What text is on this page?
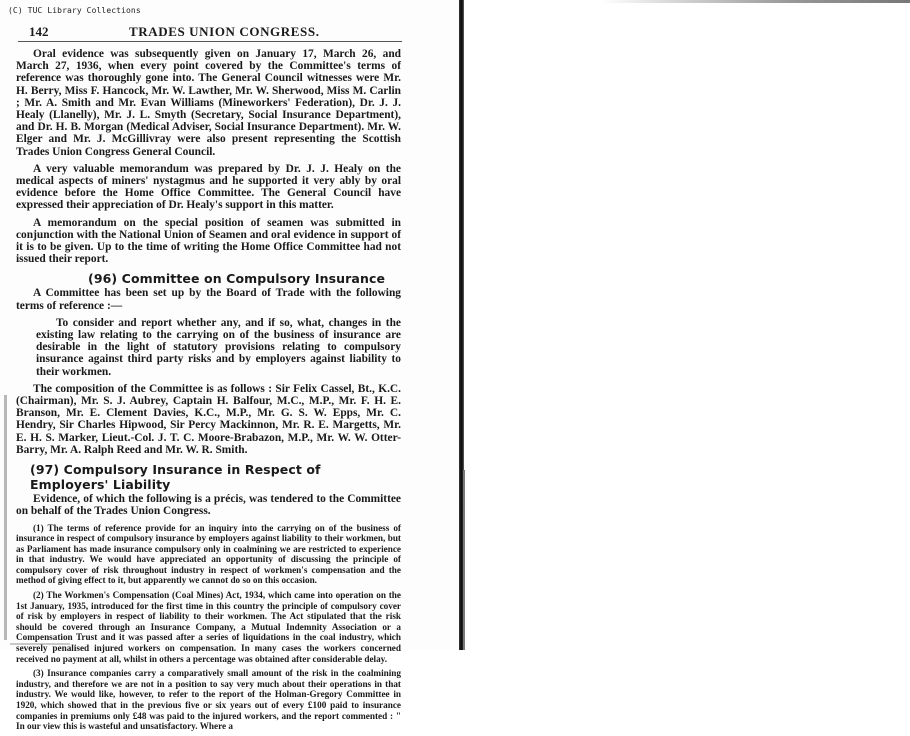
(C) TUC Library Collections
142	TRADES UNION CONGRESS.

Oral evidence was subsequently given on January 17, March 26, and March 27, 1936, when every point covered by the Committee's terms of reference was thoroughly gone into. The General Council witnesses were Mr. H. Berry, Miss F. Hancock, Mr. W. Lawther, Mr. W. Sherwood, Miss M. Carlin ; Mr. A. Smith and Mr. Evan Williams (Mineworkers' Federation), Dr. J. J. Healy (Llanelly), Mr. J. L. Smyth (Secretary, Social Insurance Department), and Dr. H. B. Morgan (Medical Adviser, Social Insurance Department). Mr. W. Elger and Mr. J. McGillivray were also present representing the Scottish Trades Union Congress General Council.

A very valuable memorandum was prepared by Dr. J. J. Healy on the medical aspects of miners' nystagmus and he supported it very ably by oral evidence before the Home Office Committee. The General Council have expressed their appreciation of Dr. Healy's support in this matter.

A memorandum on the special position of seamen was submitted in conjunction with the National Union of Seamen and oral evidence in support of it is to be given. Up to the time of writing the Home Office Committee had not issued their report.

(96) Committee on Compulsory Insurance

A Committee has been set up by the Board of Trade with the following terms of reference :—

To consider and report whether any, and if so, what, changes in the existing law relating to the carrying on of the business of insurance are desirable in the light of statutory provisions relating to compulsory insurance against third party risks and by employers against liability to their workmen.

The composition of the Committee is as follows : Sir Felix Cassel, Bt., K.C. (Chairman), Mr. S. J. Aubrey, Captain H. Balfour, M.C., M.P., Mr. F. H. E. Branson, Mr. E. Clement Davies, K.C., M.P., Mr. G. S. W. Epps, Mr. C. Hendry, Sir Charles Hipwood, Sir Percy Mackinnon, Mr. R. E. Margetts, Mr. E. H. S. Marker, Lieut.-Col. J. T. C. Moore-Brabazon, M.P., Mr. W. W. Otter-Barry, Mr. A. Ralph Reed and Mr. W. R. Smith.

(97) Compulsory Insurance in Respect of Employers' Liability

Evidence, of which the following is a précis, was tendered to the Committee on behalf of the Trades Union Congress.

(1) The terms of reference provide for an inquiry into the carrying on of the business of insurance in respect of compulsory insurance by employers against liability to their workmen, but as Parliament has made insurance compulsory only in coalmining we are restricted to experience in that industry. We would have appreciated an opportunity of discussing the principle of compulsory cover of risk throughout industry in respect of workmen's compensation and the method of giving effect to it, but apparently we cannot do so on this occasion.

(2) The Workmen's Compensation (Coal Mines) Act, 1934, which came into operation on the 1st January, 1935, introduced for the first time in this country the principle of compulsory cover of risk by employers in respect of liability to their workmen. The Act stipulated that the risk should be covered through an Insurance Company, a Mutual Indemnity Association or a Compensation Trust and it was passed after a series of liquidations in the coal industry, which severely penalised injured workers on compensation. In many cases the workers concerned received no payment at all, whilst in others a percentage was obtained after considerable delay.

(3) Insurance companies carry a comparatively small amount of the risk in the coalmining industry, and therefore we are not in a position to say very much about their operations in that industry. We would like, however, to refer to the report of the Holman-Gregory Committee in 1920, which showed that in the previous five or six years out of every £100 paid to insurance companies in premiums only £48 was paid to the injured workers, and the report commented : " In our view this is wasteful and unsatisfactory. Where a
